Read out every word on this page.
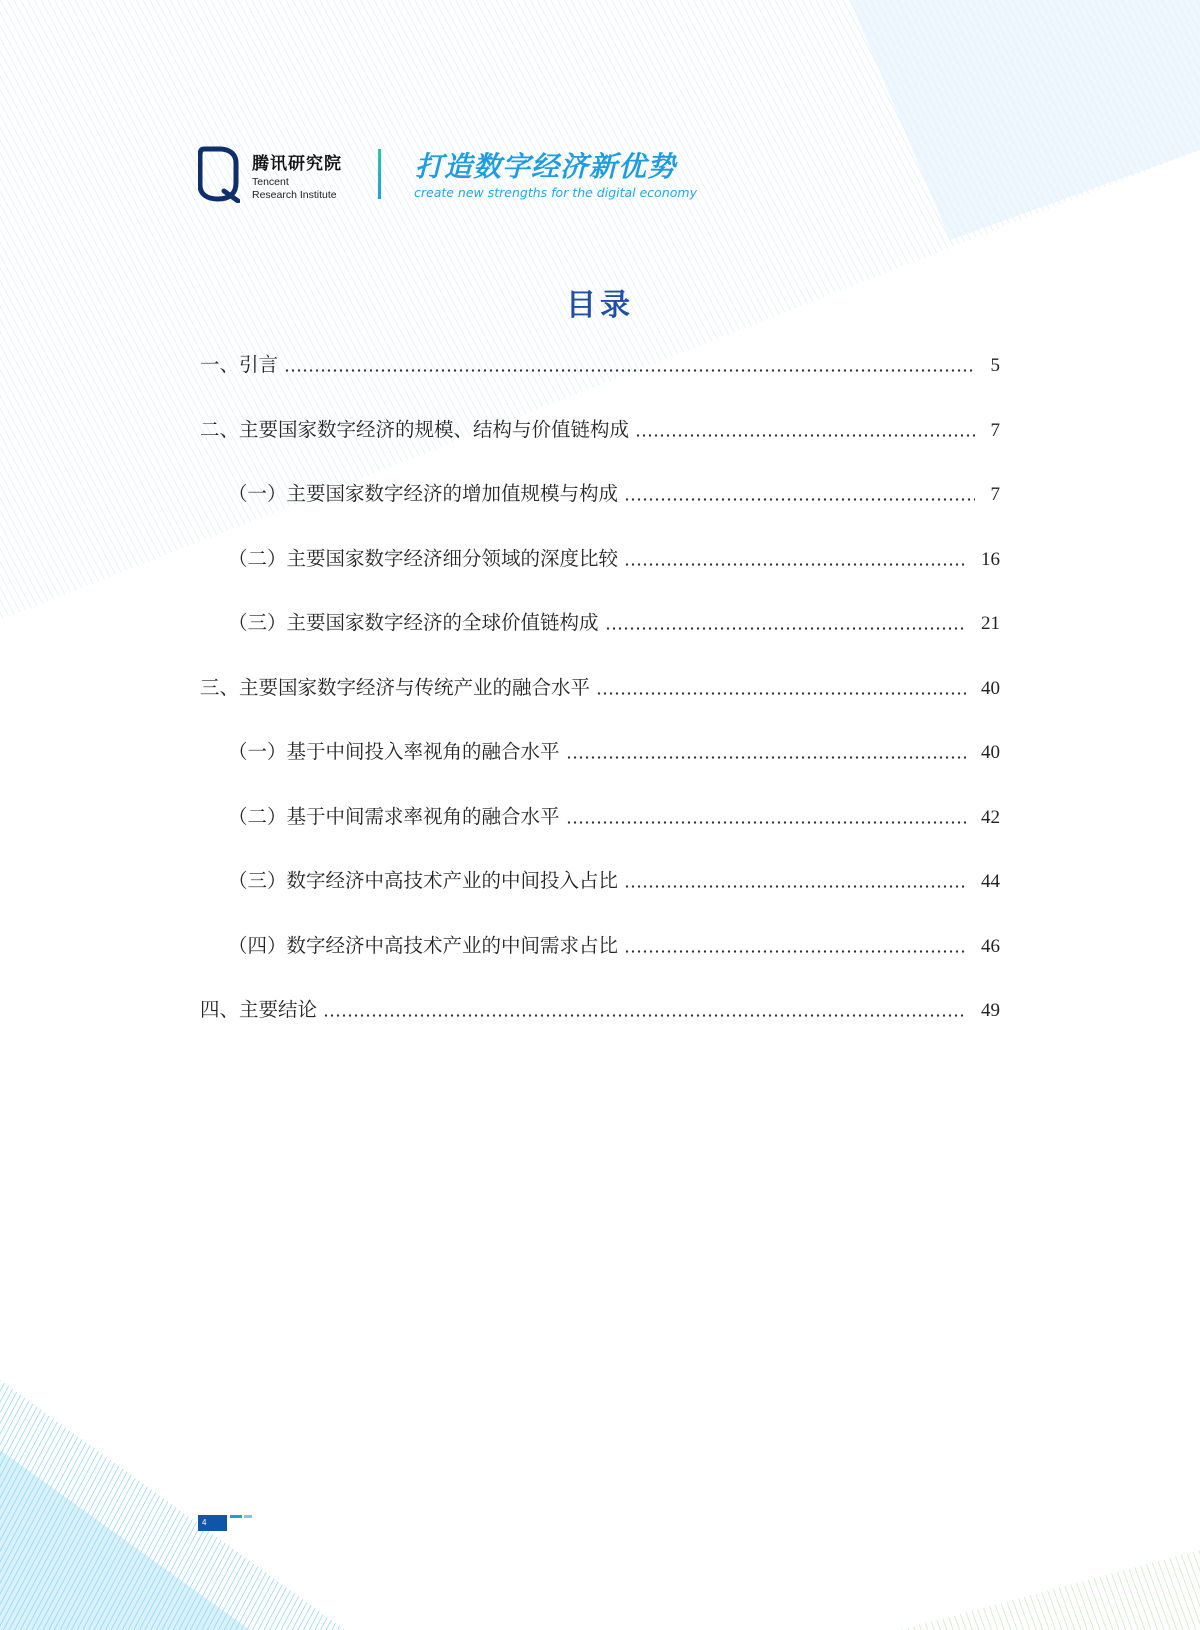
腾讯研究院
Tencent
Research Institute
打造数字经济新优势
create new strengths for the digital economy
目录
一、引言	5
二、主要国家数字经济的规模、结构与价值链构成	7
（一）主要国家数字经济的增加值规模与构成	7
（二）主要国家数字经济细分领域的深度比较	16
（三）主要国家数字经济的全球价值链构成	21
三、主要国家数字经济与传统产业的融合水平	40
（一）基于中间投入率视角的融合水平	40
（二）基于中间需求率视角的融合水平	42
（三）数字经济中高技术产业的中间投入占比	44
（四）数字经济中高技术产业的中间需求占比	46
四、主要结论	49
4
